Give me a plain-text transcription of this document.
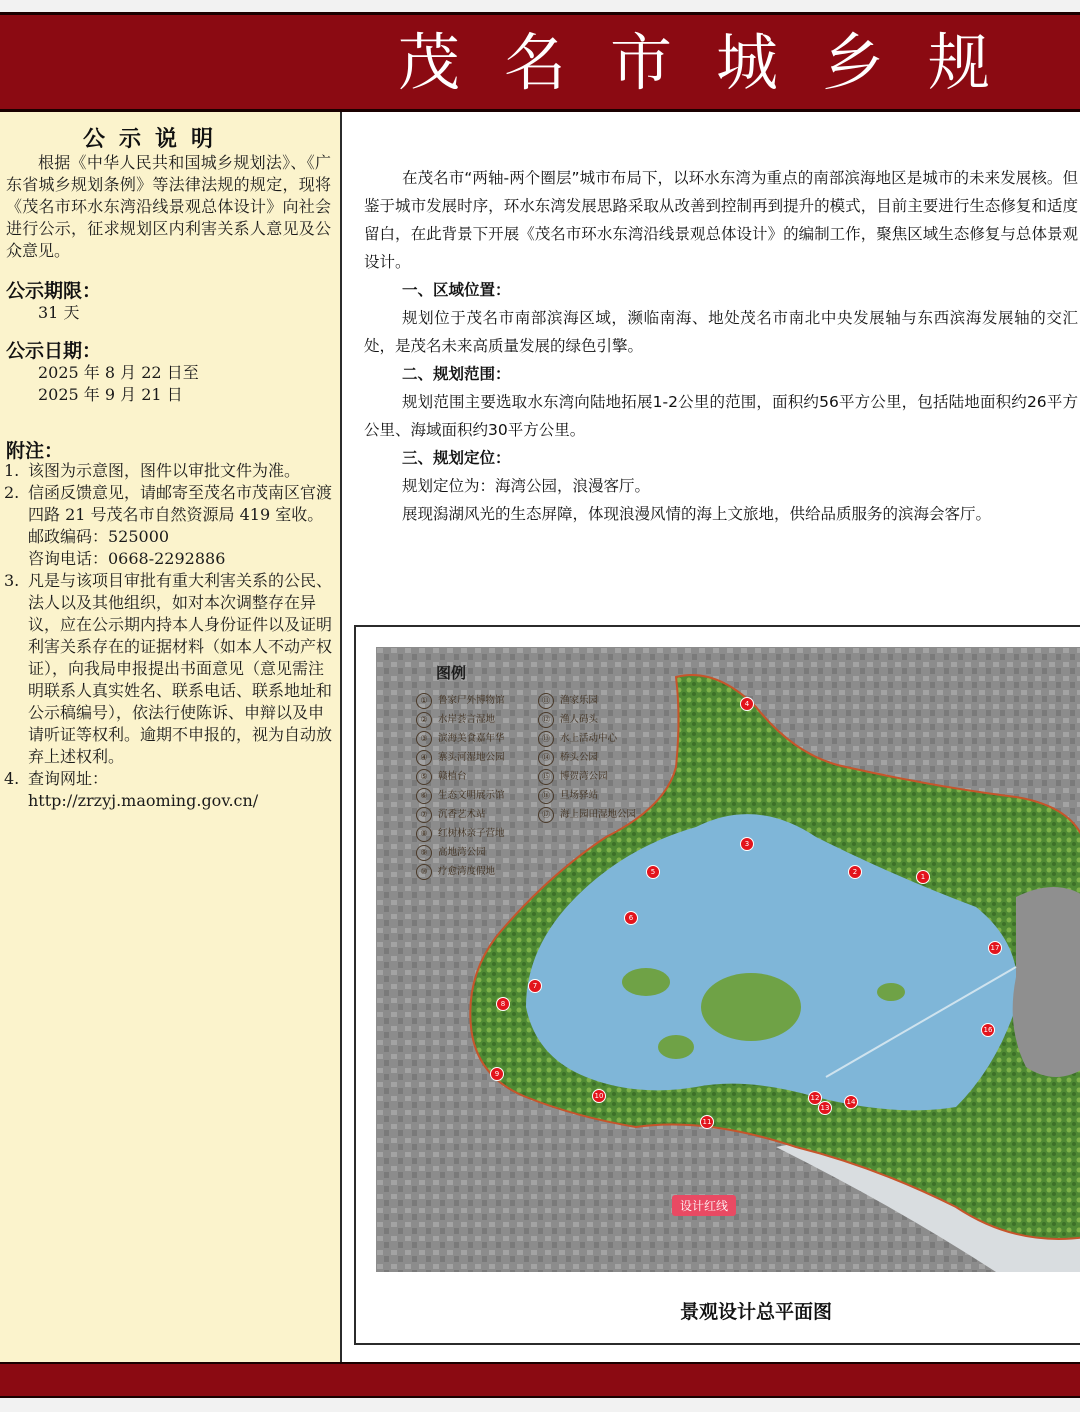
茂名市城乡规
公示说明

根据《中华人民共和国城乡规划法》、《广东省城乡规划条例》等法律法规的规定，现将《茂名市环水东湾沿线景观总体设计》向社会进行公示，征求规划区内利害关系人意见及公众意见。

公示期限：
31 天
公示日期：
2025 年 8 月 22 日至
2025 年 9 月 21 日
附注：
1. 该图为示意图，图件以审批文件为准。
2. 信函反馈意见，请邮寄至茂名市茂南区官渡四路 21 号茂名市自然资源局 419 室收。
邮政编码：525000
咨询电话：0668-2292886
3. 凡是与该项目审批有重大利害关系的公民、法人以及其他组织，如对本次调整存在异议，应在公示期内持本人身份证件以及证明利害关系存在的证据材料（如本人不动产权证），向我局申报提出书面意见（意见需注明联系人真实姓名、联系电话、联系地址和公示稿编号），依法行使陈诉、申辩以及申请听证等权利。逾期不申报的，视为自动放弃上述权利。
4. 查询网址：
http://zrzyj.maoming.gov.cn/

在茂名市“两轴-两个圈层”城市布局下，以环水东湾为重点的南部滨海地区是城市的未来发展核。但鉴于城市发展时序，环水东湾发展思路采取从改善到控制再到提升的模式，目前主要进行生态修复和适度留白，在此背景下开展《茂名市环水东湾沿线景观总体设计》的编制工作，聚焦区域生态修复与总体景观设计。

一、区域位置：

规划位于茂名市南部滨海区域，濒临南海、地处茂名市南北中央发展轴与东西滨海发展轴的交汇处，是茂名未来高质量发展的绿色引擎。

二、规划范围：

规划范围主要选取水东湾向陆地拓展1-2公里的范围，面积约56平方公里，包括陆地面积约26平方公里、海域面积约30平方公里。

三、规划定位：

规划定位为：海湾公园，浪漫客厅。

展现潟湖风光的生态屏障，体现浪漫风情的海上文旅地，供给品质服务的滨海会客厅。

图例
① 鲁家尸外博物馆
② 水岸荟言湿地
③ 滨海美食嘉年华
④ 寨头河湿地公园
⑤ 赣植台
⑥ 生态文明展示馆
⑦ 沉香艺术站
⑧ 红树林亲子营地
⑨ 高地湾公园
⑩ 疗愈湾度假地
⑪ 渔家乐园
⑫ 渔人码头
⑬ 水上活动中心
⑭ 桥头公园
⑮ 博贺湾公园
⑯ 旦场驿站
⑰ 海上园田湿地公园
1
2
3
4
5
6
7
8
9
10
11
12
13
14
16
17
设计红线
景观设计总平面图
